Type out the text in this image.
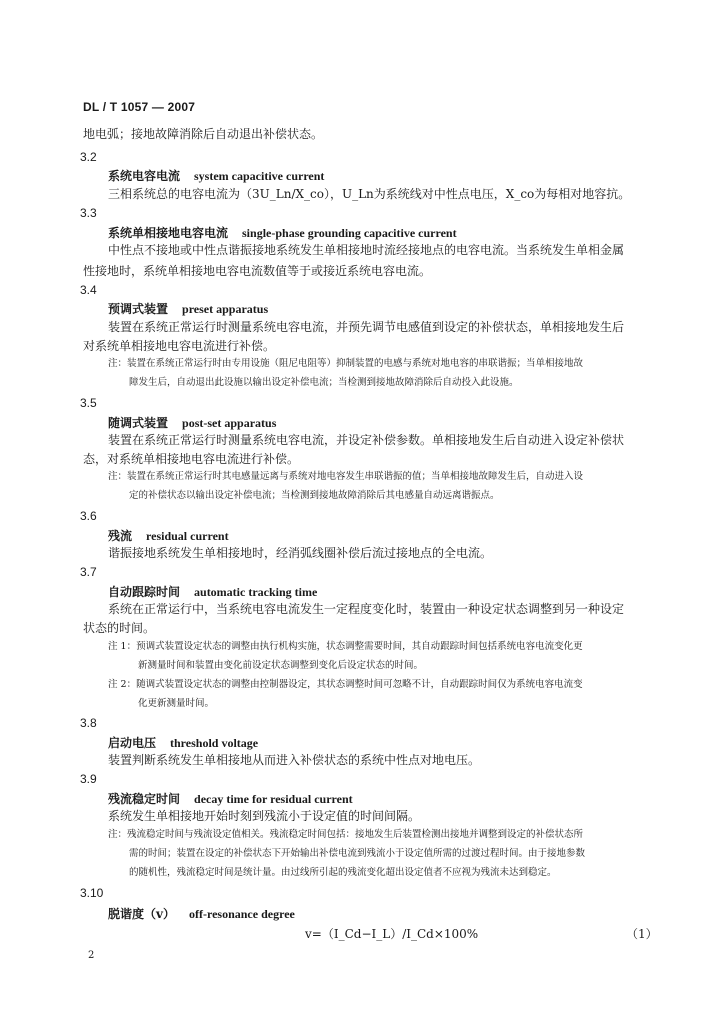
DL / T 1057 — 2007
地电弧；接地故障消除后自动退出补偿状态。
3.2
系统电容电流 system capacitive current
三相系统总的电容电流为（3U_Ln/X_co），U_Ln为系统线对中性点电压，X_co为每相对地容抗。
3.3
系统单相接地电容电流 single-phase grounding capacitive current
中性点不接地或中性点谐振接地系统发生单相接地时流经接地点的电容电流。当系统发生单相金属
性接地时，系统单相接地电容电流数值等于或接近系统电容电流。
3.4
预调式装置 preset apparatus
装置在系统正常运行时测量系统电容电流，并预先调节电感值到设定的补偿状态，单相接地发生后
对系统单相接地电容电流进行补偿。
注：装置在系统正常运行时由专用设施（阻尼电阻等）抑制装置的电感与系统对地电容的串联谐振；当单相接地故
障发生后，自动退出此设施以输出设定补偿电流；当检测到接地故障消除后自动投入此设施。
3.5
随调式装置 post-set apparatus
装置在系统正常运行时测量系统电容电流，并设定补偿参数。单相接地发生后自动进入设定补偿状
态，对系统单相接地电容电流进行补偿。
注：装置在系统正常运行时其电感量远离与系统对地电容发生串联谐振的值；当单相接地故障发生后，自动进入设
定的补偿状态以输出设定补偿电流；当检测到接地故障消除后其电感量自动远离谐振点。
3.6
残流 residual current
谐振接地系统发生单相接地时，经消弧线圈补偿后流过接地点的全电流。
3.7
自动跟踪时间 automatic tracking time
系统在正常运行中，当系统电容电流发生一定程度变化时，装置由一种设定状态调整到另一种设定
状态的时间。
注 1：预调式装置设定状态的调整由执行机构实施，状态调整需要时间，其自动跟踪时间包括系统电容电流变化更
新测量时间和装置由变化前设定状态调整到变化后设定状态的时间。
注 2：随调式装置设定状态的调整由控制器设定，其状态调整时间可忽略不计，自动跟踪时间仅为系统电容电流变
化更新测量时间。
3.8
启动电压 threshold voltage
装置判断系统发生单相接地从而进入补偿状态的系统中性点对地电压。
3.9
残流稳定时间 decay time for residual current
系统发生单相接地开始时刻到残流小于设定值的时间间隔。
注：残流稳定时间与残流设定值相关。残流稳定时间包括：接地发生后装置检测出接地并调整到设定的补偿状态所
需的时间；装置在设定的补偿状态下开始输出补偿电流到残流小于设定值所需的过渡过程时间。由于接地参数
的随机性，残流稳定时间是统计量。由过线所引起的残流变化超出设定值者不应视为残流未达到稳定。
3.10
脱谐度（v） off-resonance degree
v=（I_Cd−I_L）/I_Cd×100%	（1）
2
